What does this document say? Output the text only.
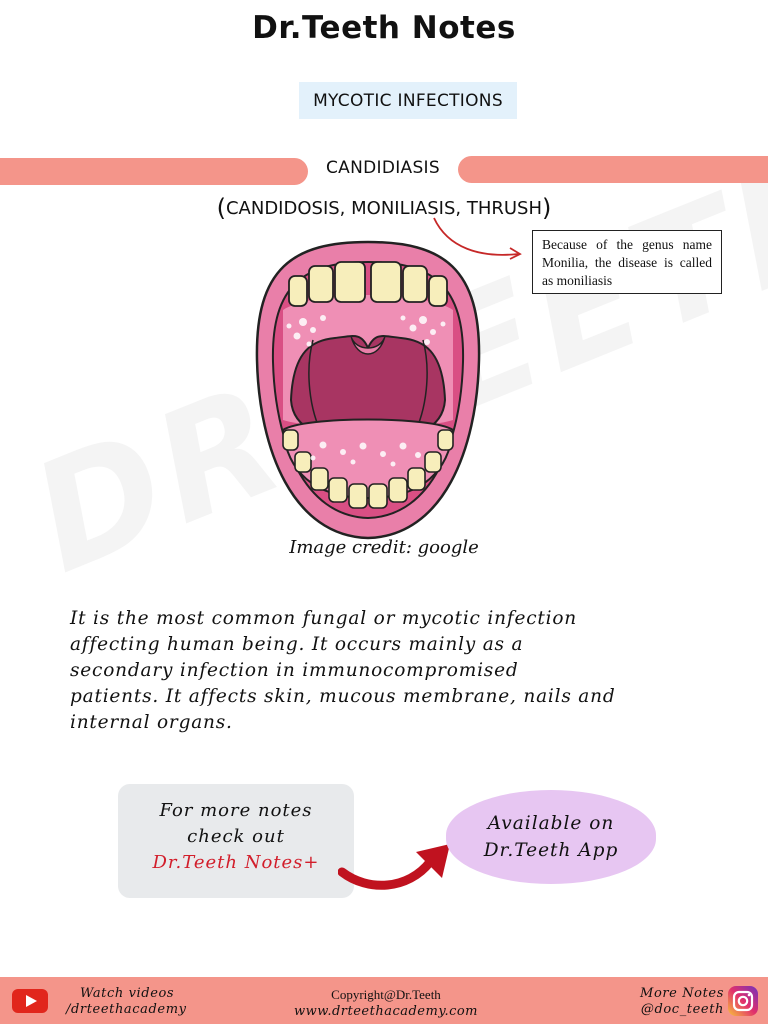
Dr.Teeth Notes
MYCOTIC INFECTIONS
CANDIDIASIS
(CANDIDOSIS, MONILIASIS, THRUSH)
Because of the genus name Monilia, the disease is called as moniliasis
Image credit: google
It is the most common fungal or mycotic infection
affecting human being. It occurs mainly as a
secondary infection in immunocompromised
patients. It affects skin, mucous membrane, nails and
internal organs.
For more notes
check out
Dr.Teeth Notes+
Available on
Dr.Teeth App
Watch videos
/drteethacademy
Copyright@Dr.Teeth
www.drteethacademy.com
More Notes
@doc_teeth
